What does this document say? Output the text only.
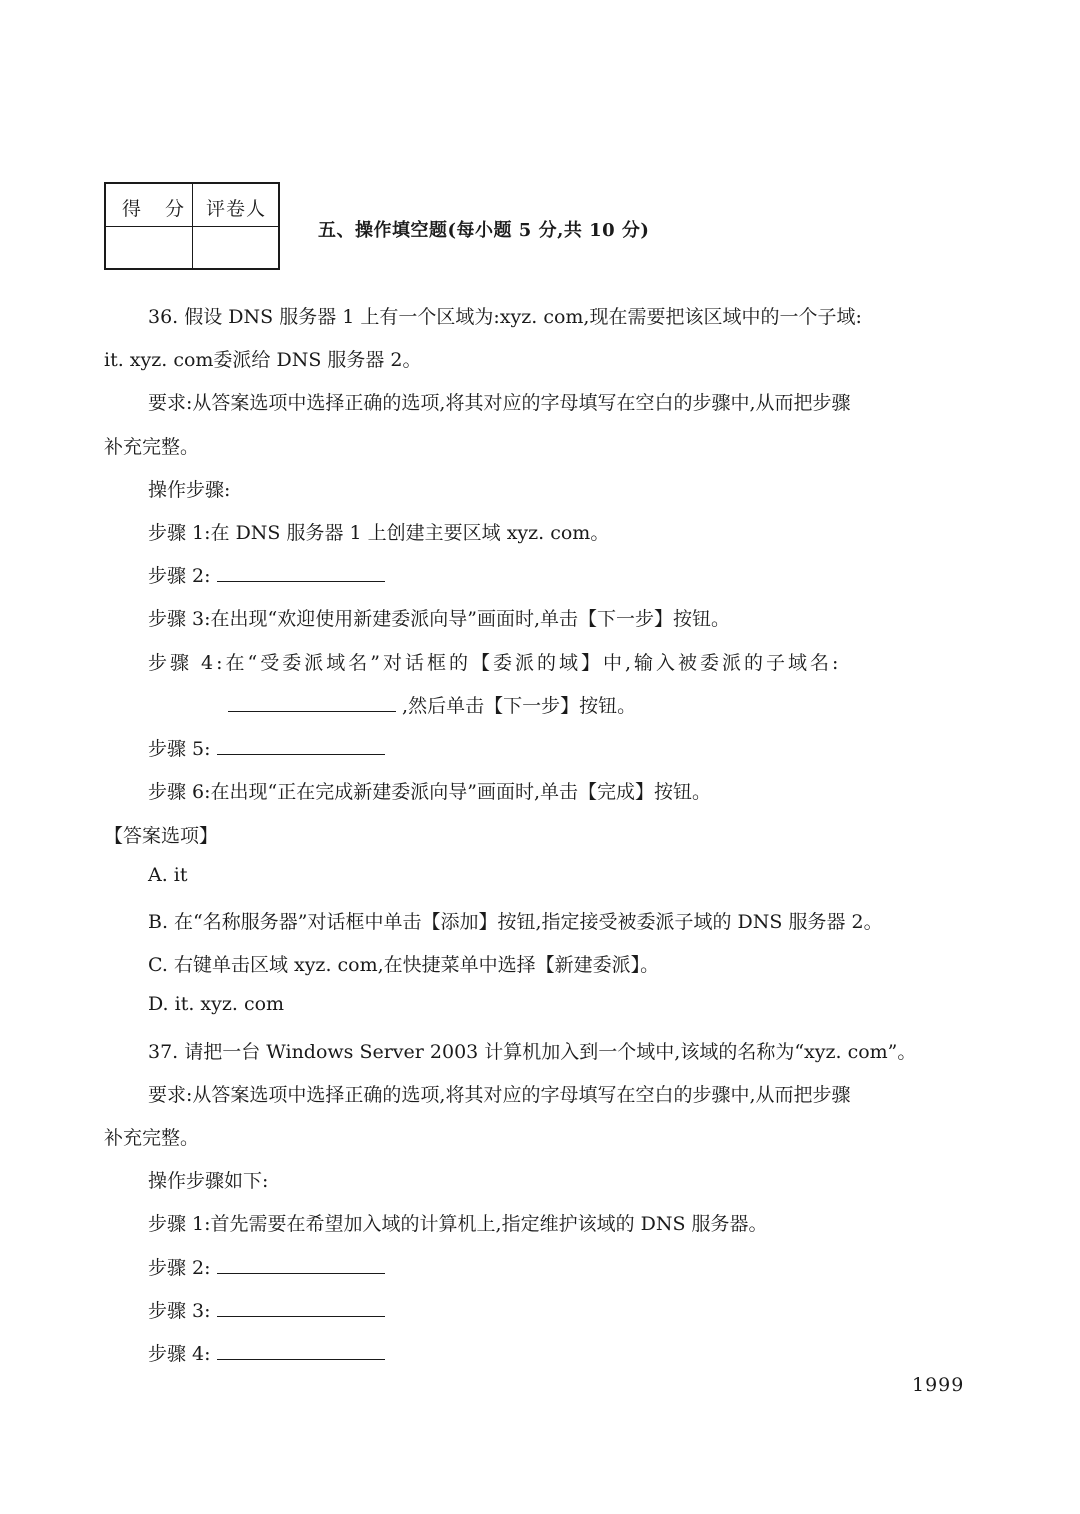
得 分 评卷人
五、操作填空题(每小题 5 分,共 10 分)
36. 假设 DNS 服务器 1 上有一个区域为:xyz. com,现在需要把该区域中的一个子域:
it. xyz. com委派给 DNS 服务器 2。
要求:从答案选项中选择正确的选项,将其对应的字母填写在空白的步骤中,从而把步骤
补充完整。
操作步骤:
步骤 1:在 DNS 服务器 1 上创建主要区域 xyz. com。
步骤 2:
步骤 3:在出现“欢迎使用新建委派向导”画面时,单击【下一步】按钮。
步骤 4:在“受委派域名”对话框的【委派的域】中,输入被委派的子域名:
,然后单击【下一步】按钮。
步骤 5:
步骤 6:在出现“正在完成新建委派向导”画面时,单击【完成】按钮。
【答案选项】
A. it
B. 在“名称服务器”对话框中单击【添加】按钮,指定接受被委派子域的 DNS 服务器 2。
C. 右键单击区域 xyz. com,在快捷菜单中选择【新建委派】。
D. it. xyz. com
37. 请把一台 Windows Server 2003 计算机加入到一个域中,该域的名称为“xyz. com”。
要求:从答案选项中选择正确的选项,将其对应的字母填写在空白的步骤中,从而把步骤
补充完整。
操作步骤如下:
步骤 1:首先需要在希望加入域的计算机上,指定维护该域的 DNS 服务器。
步骤 2:
步骤 3:
步骤 4:
1999
